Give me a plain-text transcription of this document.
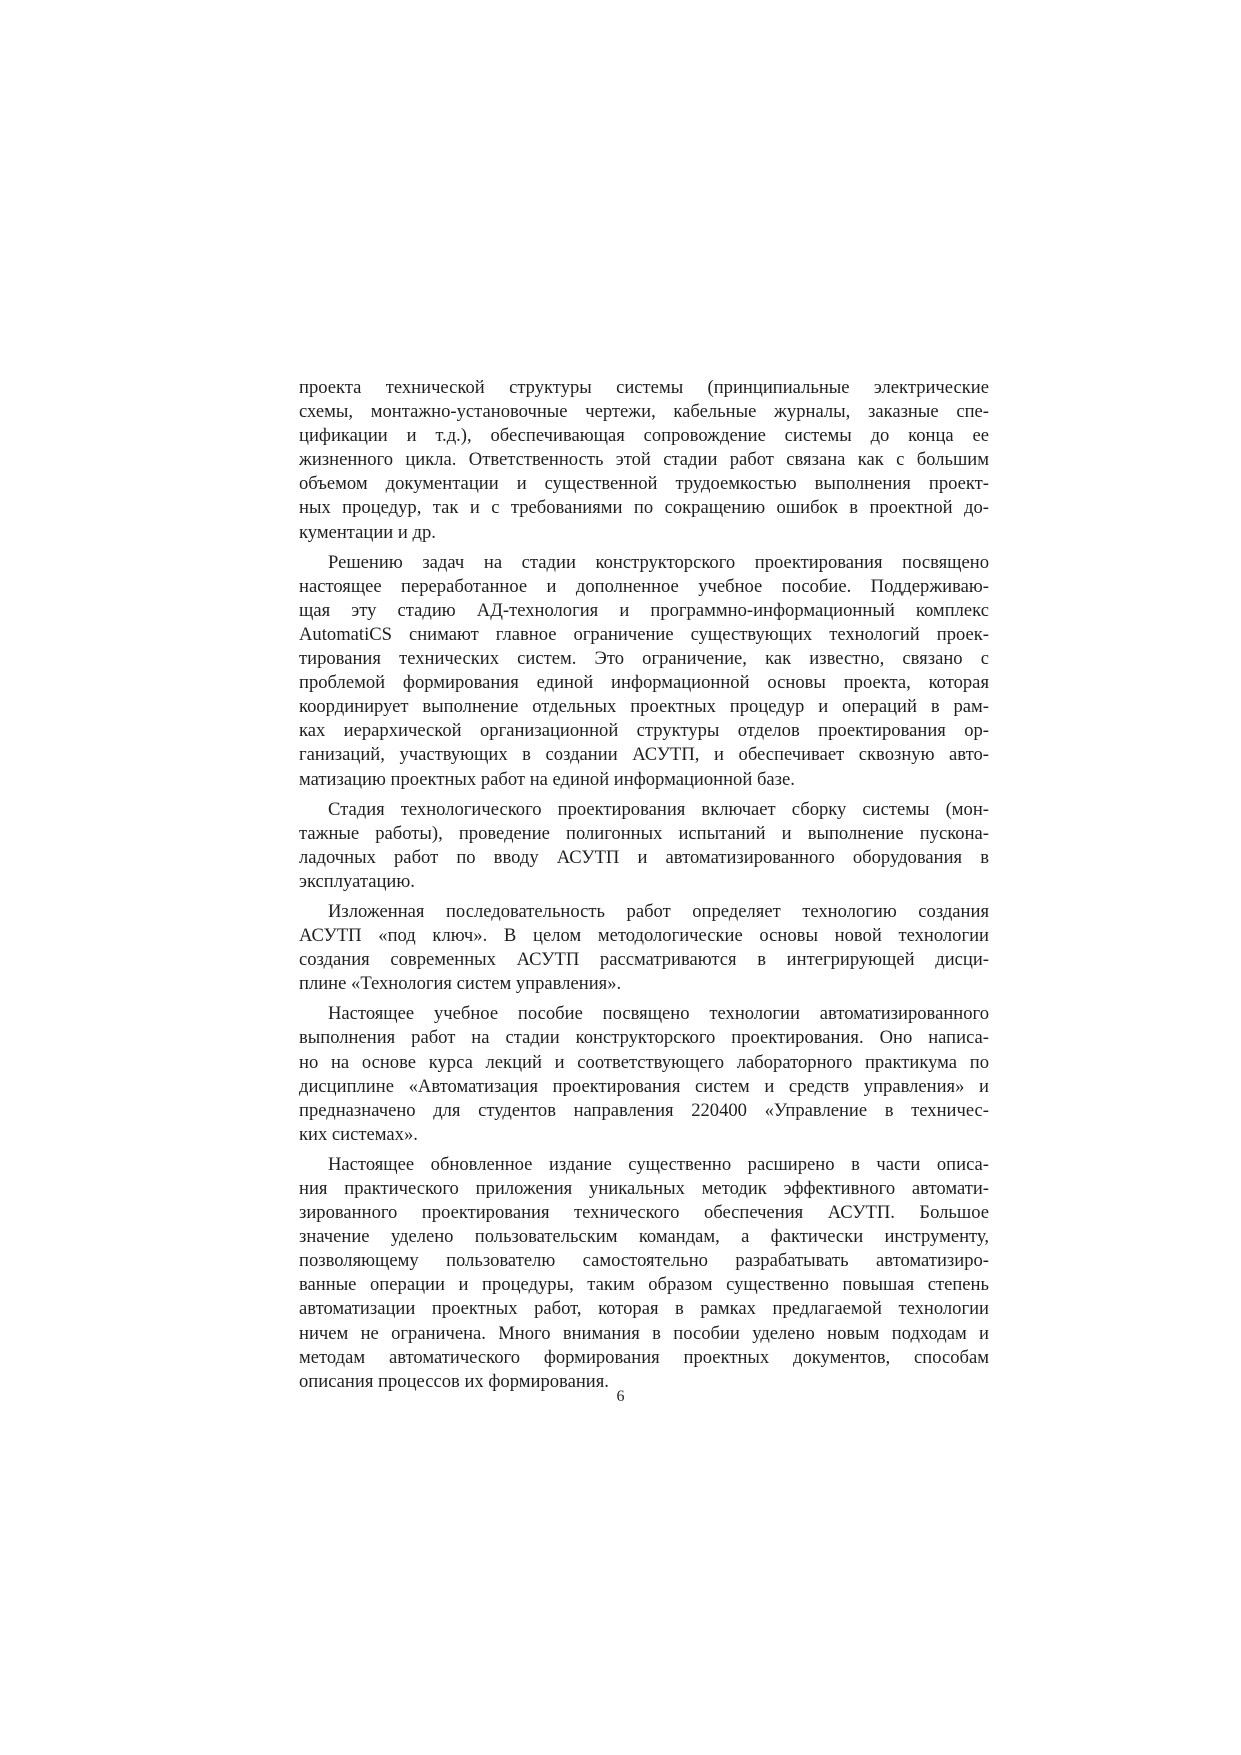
проекта технической структуры системы (принципиальные электрические
схемы, монтажно-установочные чертежи, кабельные журналы, заказные спе-
цификации и т.д.), обеспечивающая сопровождение системы до конца ее
жизненного цикла. Ответственность этой стадии работ связана как с большим
объемом документации и существенной трудоемкостью выполнения проект-
ных процедур, так и с требованиями по сокращению ошибок в проектной до-
кументации и др.

Решению задач на стадии конструкторского проектирования посвящено
настоящее переработанное и дополненное учебное пособие. Поддерживаю-
щая эту стадию АД-технология и программно-информационный комплекс
AutomatiCS снимают главное ограничение существующих технологий проек-
тирования технических систем. Это ограничение, как известно, связано с
проблемой формирования единой информационной основы проекта, которая
координирует выполнение отдельных проектных процедур и операций в рам-
ках иерархической организационной структуры отделов проектирования ор-
ганизаций, участвующих в создании АСУТП, и обеспечивает сквозную авто-
матизацию проектных работ на единой информационной базе.

Стадия технологического проектирования включает сборку системы (мон-
тажные работы), проведение полигонных испытаний и выполнение пускона-
ладочных работ по вводу АСУТП и автоматизированного оборудования в
эксплуатацию.

Изложенная последовательность работ определяет технологию создания
АСУТП «под ключ». В целом методологические основы новой технологии
создания современных АСУТП рассматриваются в интегрирующей дисци-
плине «Технология систем управления».

Настоящее учебное пособие посвящено технологии автоматизированного
выполнения работ на стадии конструкторского проектирования. Оно написа-
но на основе курса лекций и соответствующего лабораторного практикума по
дисциплине «Автоматизация проектирования систем и средств управления» и
предназначено для студентов направления 220400 «Управление в техничес-
ких системах».

Настоящее обновленное издание существенно расширено в части описа-
ния практического приложения уникальных методик эффективного автомати-
зированного проектирования технического обеспечения АСУТП. Большое
значение уделено пользовательским командам, а фактически инструменту,
позволяющему пользователю самостоятельно разрабатывать автоматизиро-
ванные операции и процедуры, таким образом существенно повышая степень
автоматизации проектных работ, которая в рамках предлагаемой технологии
ничем не ограничена. Много внимания в пособии уделено новым подходам и
методам автоматического формирования проектных документов, способам
описания процессов их формирования.

6
